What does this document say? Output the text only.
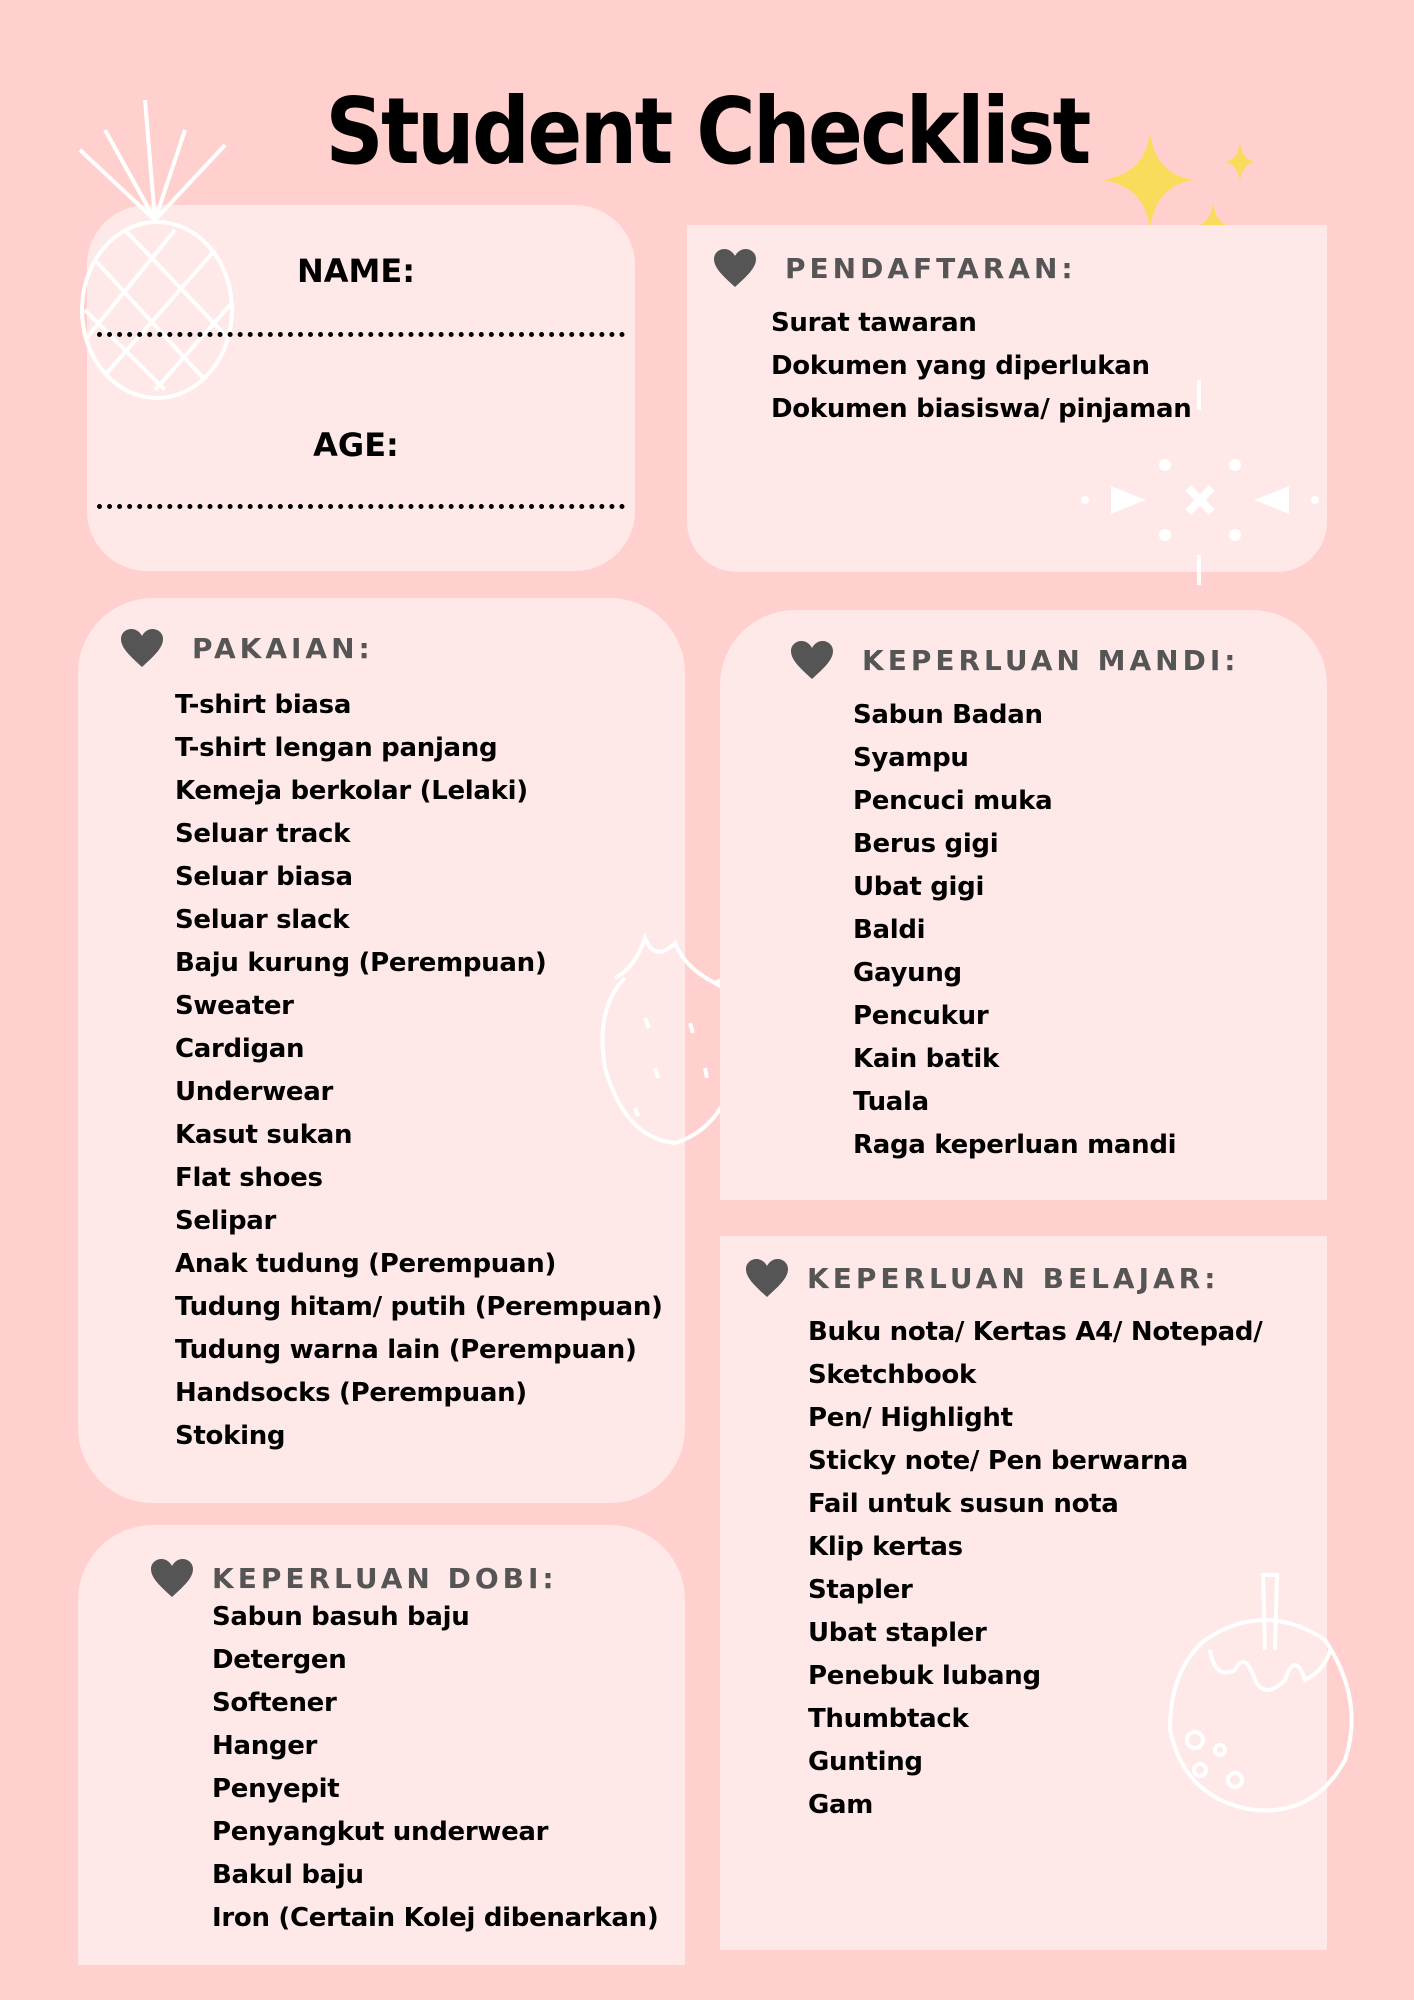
Student Checklist
NAME:
AGE:
PENDAFTARAN:
Surat tawaran
Dokumen yang diperlukan
Dokumen biasiswa/ pinjaman
PAKAIAN:
T-shirt biasa
T-shirt lengan panjang
Kemeja berkolar (Lelaki)
Seluar track
Seluar biasa
Seluar slack
Baju kurung (Perempuan)
Sweater
Cardigan
Underwear
Kasut sukan
Flat shoes
Selipar
Anak tudung (Perempuan)
Tudung hitam/ putih (Perempuan)
Tudung warna lain (Perempuan)
Handsocks (Perempuan)
Stoking
KEPERLUAN MANDI:
Sabun Badan
Syampu
Pencuci muka
Berus gigi
Ubat gigi
Baldi
Gayung
Pencukur
Kain batik
Tuala
Raga keperluan mandi
KEPERLUAN DOBI:
Sabun basuh baju
Detergen
Softener
Hanger
Penyepit
Penyangkut underwear
Bakul baju
Iron (Certain Kolej dibenarkan)
KEPERLUAN BELAJAR:
Buku nota/ Kertas A4/ Notepad/
Sketchbook
Pen/ Highlight
Sticky note/ Pen berwarna
Fail untuk susun nota
Klip kertas
Stapler
Ubat stapler
Penebuk lubang
Thumbtack
Gunting
Gam
